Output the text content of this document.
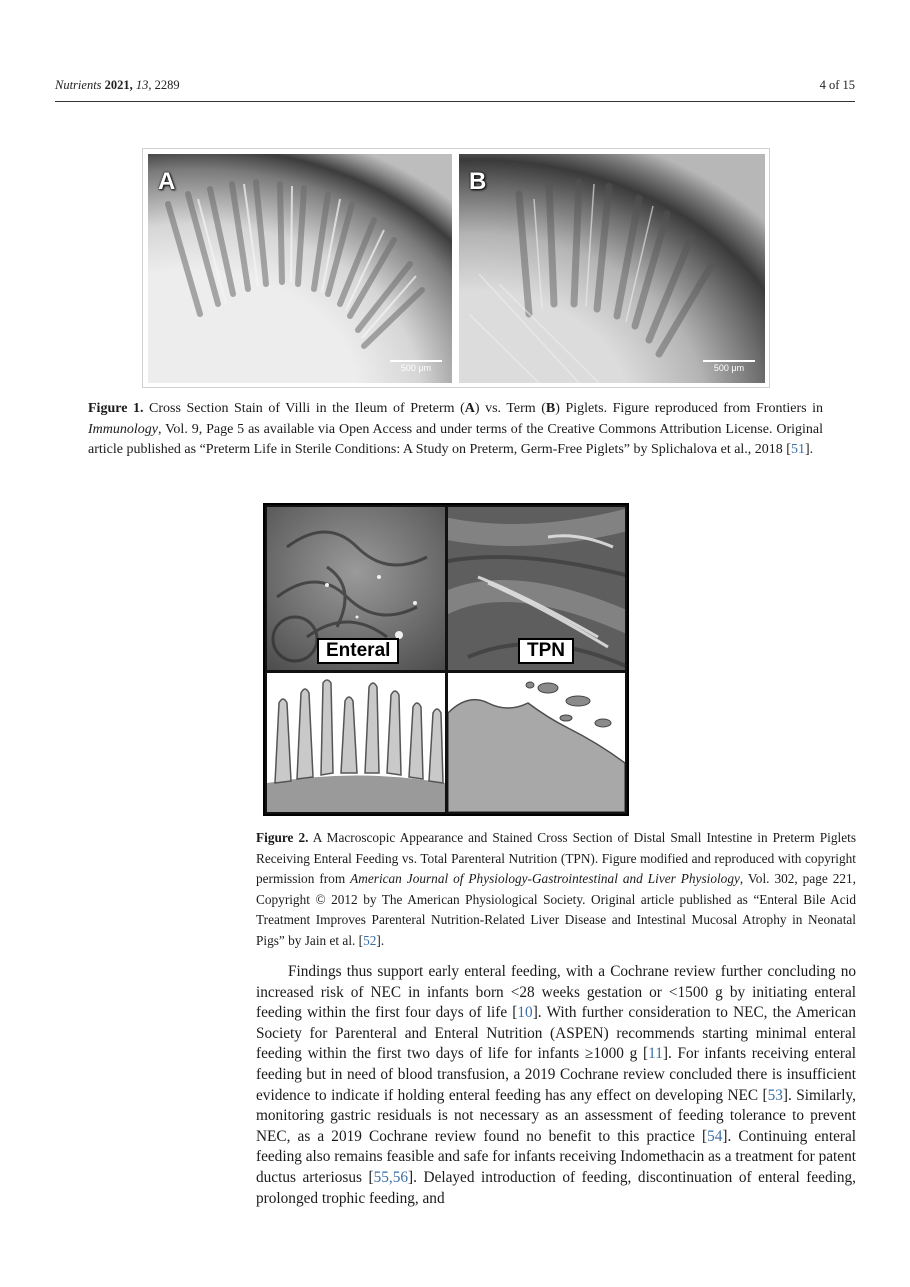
Nutrients 2021, 13, 2289	4 of 15
A
500 μm
B
500 μm
Figure 1. Cross Section Stain of Villi in the Ileum of Preterm (A) vs. Term (B) Piglets. Figure reproduced from Frontiers in Immunology, Vol. 9, Page 5 as available via Open Access and under terms of the Creative Commons Attribution License. Original article published as “Preterm Life in Sterile Conditions: A Study on Preterm, Germ-Free Piglets” by Splichalova et al., 2018 [51].
Enteral	TPN
Figure 2. A Macroscopic Appearance and Stained Cross Section of Distal Small Intestine in Preterm Piglets Receiving Enteral Feeding vs. Total Parenteral Nutrition (TPN). Figure modified and reproduced with copyright permission from American Journal of Physiology-Gastrointestinal and Liver Physiology, Vol. 302, page 221, Copyright © 2012 by The American Physiological Society. Original article published as “Enteral Bile Acid Treatment Improves Parenteral Nutrition-Related Liver Disease and Intestinal Mucosal Atrophy in Neonatal Pigs” by Jain et al. [52].

Findings thus support early enteral feeding, with a Cochrane review further concluding no increased risk of NEC in infants born <28 weeks gestation or <1500 g by initiating enteral feeding within the first four days of life [10]. With further consideration to NEC, the American Society for Parenteral and Enteral Nutrition (ASPEN) recommends starting minimal enteral feeding within the first two days of life for infants ≥1000 g [11]. For infants receiving enteral feeding but in need of blood transfusion, a 2019 Cochrane review concluded there is insufficient evidence to indicate if holding enteral feeding has any effect on developing NEC [53]. Similarly, monitoring gastric residuals is not necessary as an assessment of feeding tolerance to prevent NEC, as a 2019 Cochrane review found no benefit to this practice [54]. Continuing enteral feeding also remains feasible and safe for infants receiving Indomethacin as a treatment for patent ductus arteriosus [55,56]. Delayed introduction of feeding, discontinuation of enteral feeding, prolonged trophic feeding, and
